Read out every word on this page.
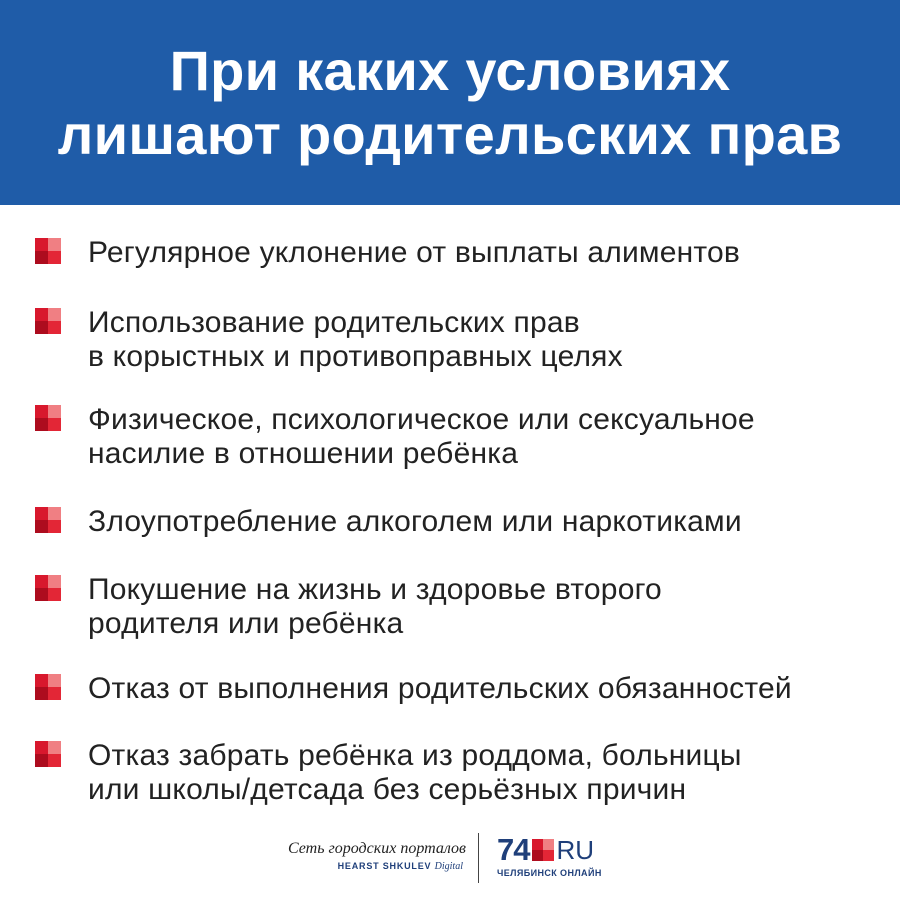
При каких условиях
лишают родительских прав
Регулярное уклонение от выплаты алиментов
Использование родительских прав
в корыстных и противоправных целях
Физическое, психологическое или сексуальное
насилие в отношении ребёнка
Злоупотребление алкоголем или наркотиками
Покушение на жизнь и здоровье второго
родителя или ребёнка
Отказ от выполнения родительских обязанностей
Отказ забрать ребёнка из роддома, больницы
или школы/детсада без серьёзных причин
Сеть городских порталов
HEARST SHKULEV Digital 74 RU
ЧЕЛЯБИНСК ОНЛАЙН
